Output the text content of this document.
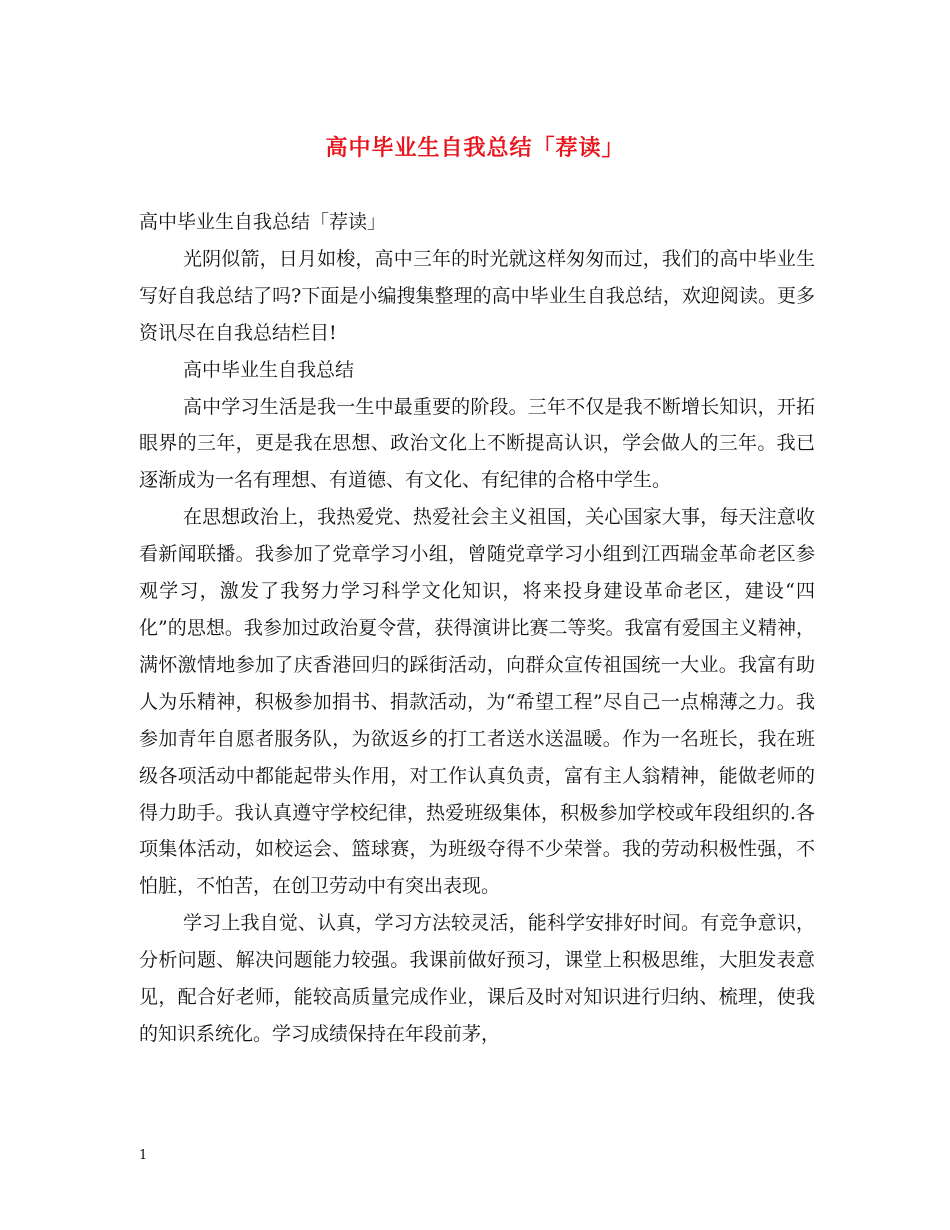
高中毕业生自我总结「荐读」

高中毕业生自我总结「荐读」

光阴似箭，日月如梭，高中三年的时光就这样匆匆而过，我们的高中毕业生写好自我总结了吗?下面是小编搜集整理的高中毕业生自我总结，欢迎阅读。更多资讯尽在自我总结栏目!

高中毕业生自我总结

高中学习生活是我一生中最重要的阶段。三年不仅是我不断增长知识，开拓眼界的三年，更是我在思想、政治文化上不断提高认识，学会做人的三年。我已逐渐成为一名有理想、有道德、有文化、有纪律的合格中学生。

在思想政治上，我热爱党、热爱社会主义祖国，关心国家大事，每天注意收看新闻联播。我参加了党章学习小组，曾随党章学习小组到江西瑞金革命老区参观学习，激发了我努力学习科学文化知识，将来投身建设革命老区，建设“四化”的思想。我参加过政治夏令营，获得演讲比赛二等奖。我富有爱国主义精神，满怀激情地参加了庆香港回归的踩街活动，向群众宣传祖国统一大业。我富有助人为乐精神，积极参加捐书、捐款活动，为“希望工程”尽自己一点棉薄之力。我参加青年自愿者服务队，为欲返乡的打工者送水送温暖。作为一名班长，我在班级各项活动中都能起带头作用，对工作认真负责，富有主人翁精神，能做老师的得力助手。我认真遵守学校纪律，热爱班级集体，积极参加学校或年段组织的.各项集体活动，如校运会、篮球赛，为班级夺得不少荣誉。我的劳动积极性强，不怕脏，不怕苦，在创卫劳动中有突出表现。

学习上我自觉、认真，学习方法较灵活，能科学安排好时间。有竞争意识，分析问题、解决问题能力较强。我课前做好预习，课堂上积极思维，大胆发表意见，配合好老师，能较高质量完成作业，课后及时对知识进行归纳、梳理，使我的知识系统化。学习成绩保持在年段前茅，

1
